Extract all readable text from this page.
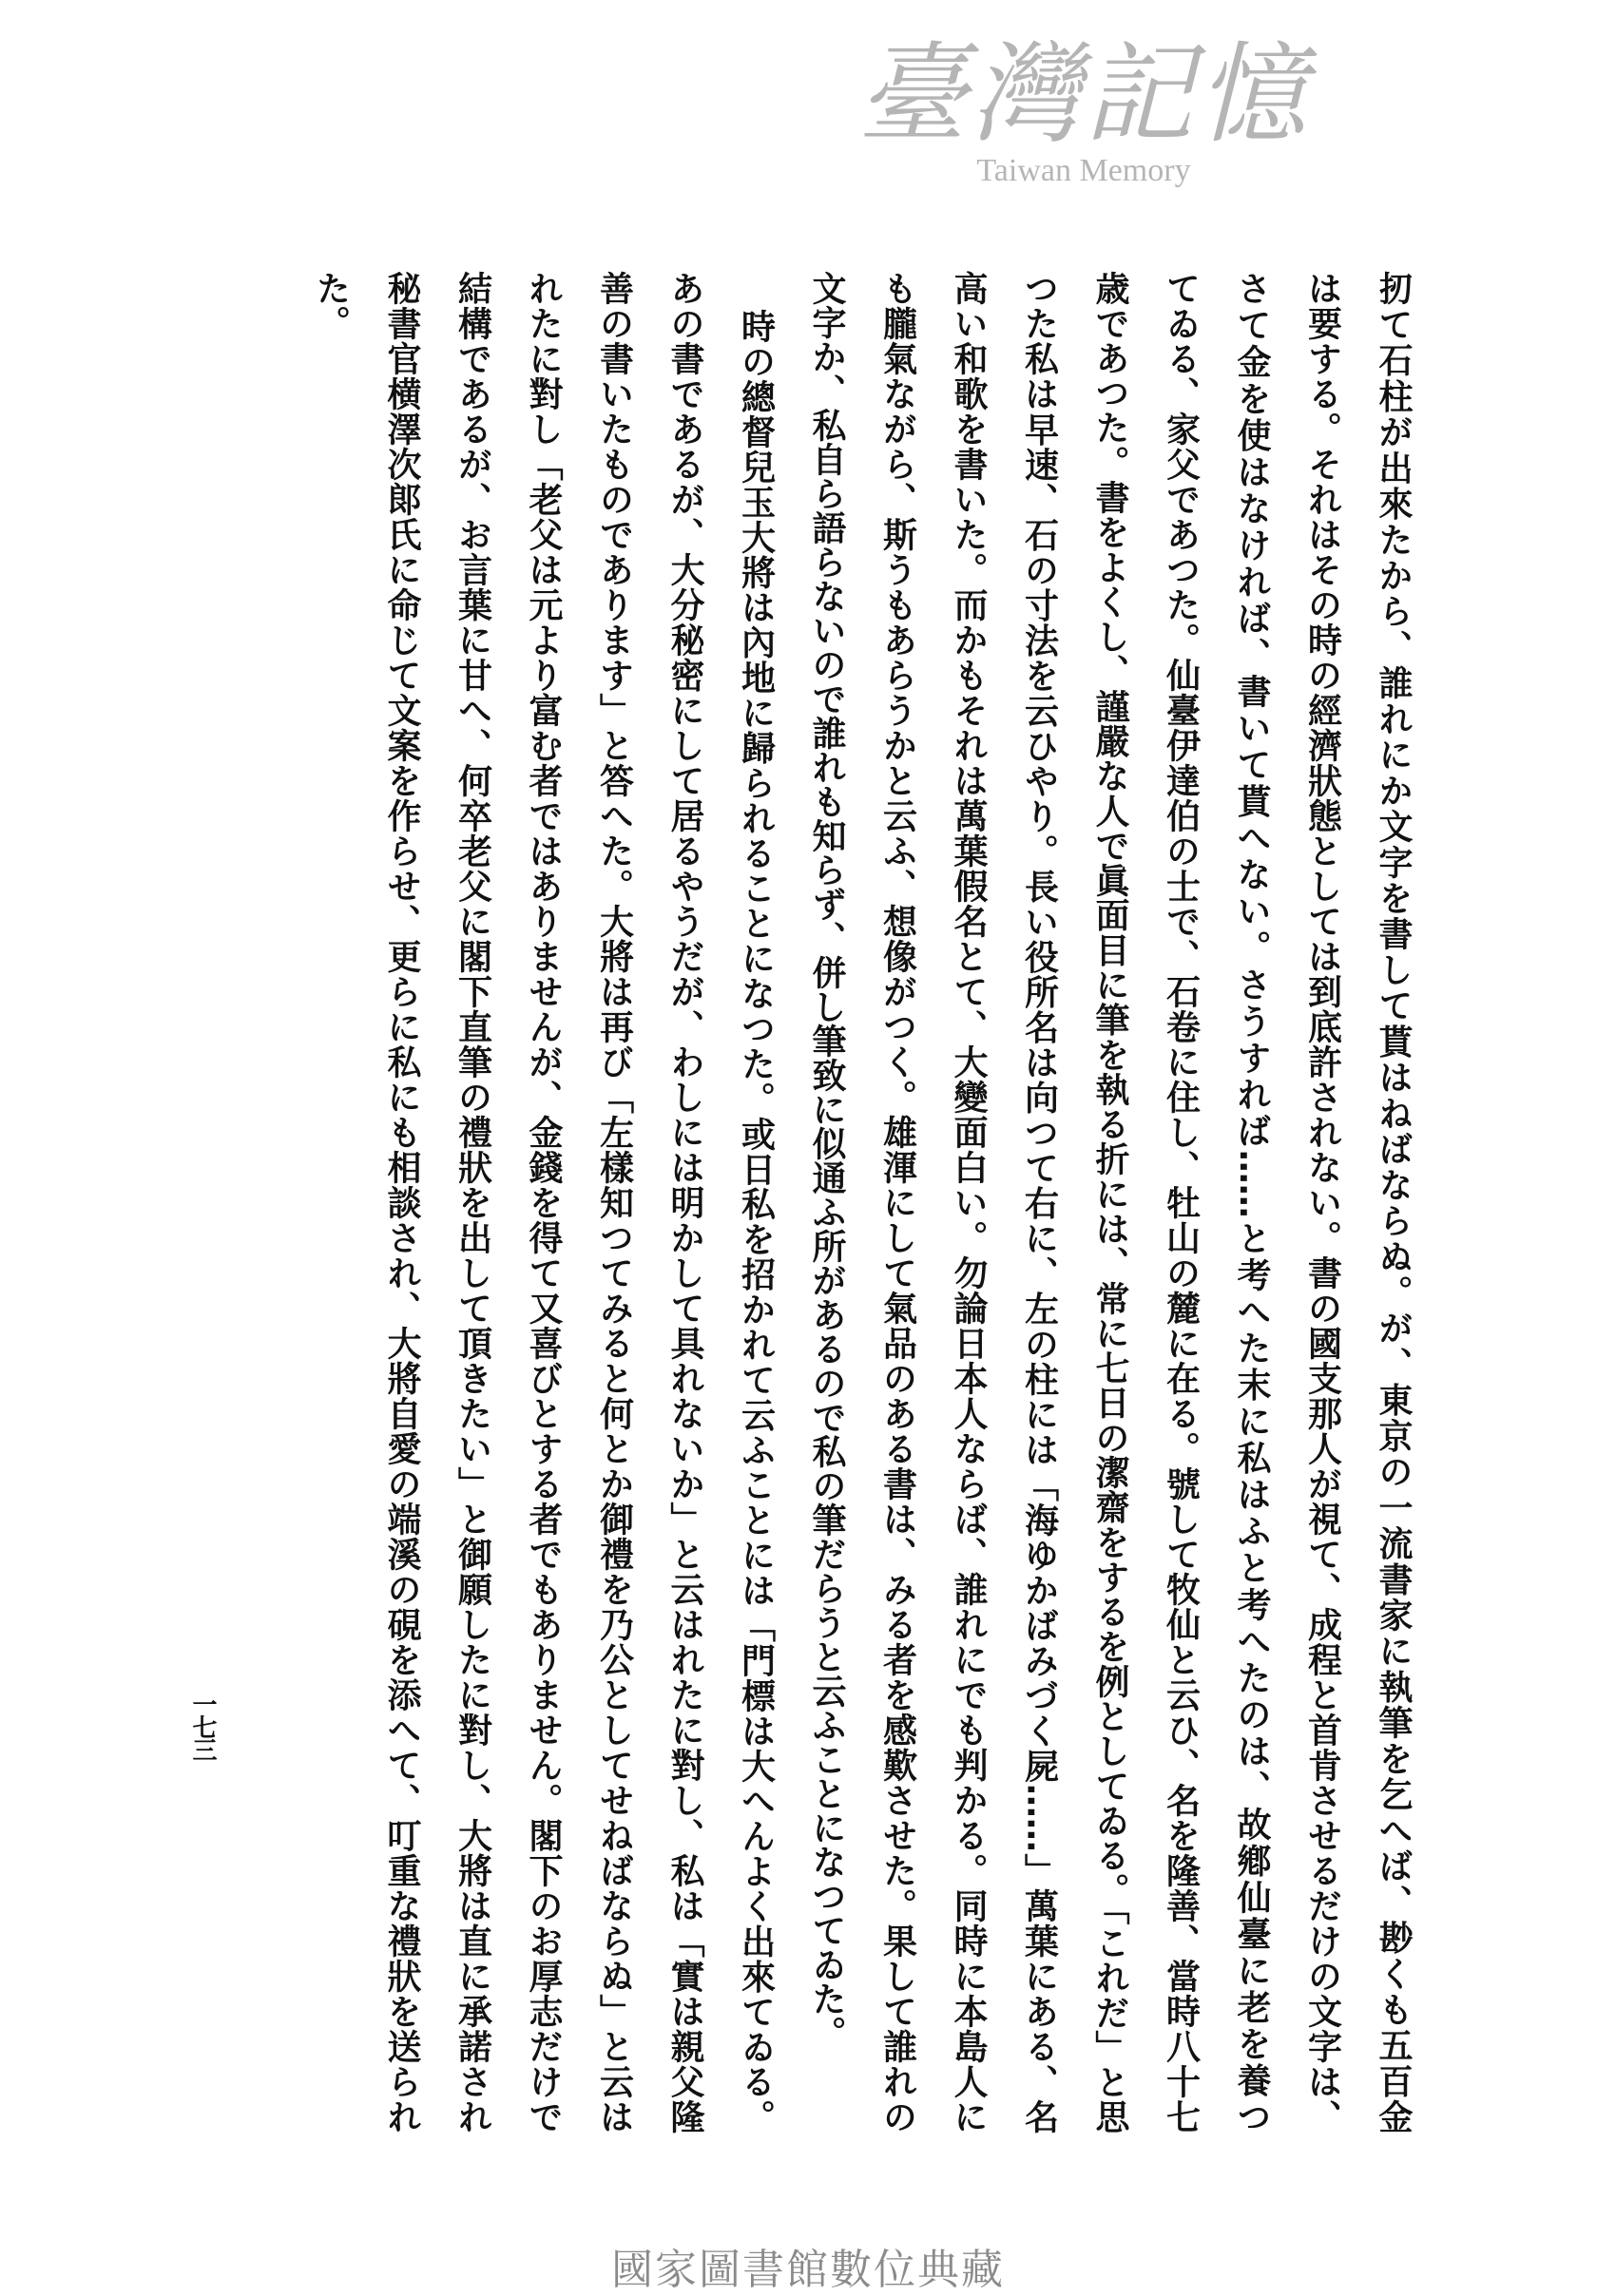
扨て石柱が出來たから、誰れにか文字を書して貰はねばならぬ。が、東京の一流書家に執筆を乞へば、尠くも五百金
は要する。それはその時の經濟狀態としては到底許されない。書の國支那人が視て、成程と首肯させるだけの文字は、
さて金を使はなければ、書いて貰へない。さうすれば……と考へた末に私はふと考へたのは、故鄕仙臺に老を養つ
てゐる、家父であつた。仙臺伊達伯の士で、石卷に住し、牡山の麓に在る。號して牧仙と云ひ、名を隆善、當時八十七
歳であつた。書をよくし、謹嚴な人で眞面目に筆を執る折には、常に七日の潔齋をするを例としてゐる。「これだ」と思
つた私は早速、石の寸法を云ひやり。長い役所名は向つて右に、左の柱には「海ゆかばみづく屍……」萬葉にある、名
高い和歌を書いた。而かもそれは萬葉假名とて、大變面白い。勿論日本人ならば、誰れにでも判かる。同時に本島人に
も朧氣ながら、斯うもあらうかと云ふ、想像がつく。雄渾にして氣品のある書は、みる者を感歎させた。果して誰れの
文字か、私自ら語らないので誰れも知らず、併し筆致に似通ふ所があるので私の筆だらうと云ふことになつてゐた。
時の總督兒玉大將は內地に歸られることになつた。或日私を招かれて云ふことには「門標は大へんよく出來てゐる。
あの書であるが、大分秘密にして居るやうだが、わしには明かして具れないか」と云はれたに對し、私は「實は親父隆
善の書いたものであります」と答へた。大將は再び「左樣知つてみると何とか御禮を乃公としてせねばならぬ」と云は
れたに對し「老父は元より富む者ではありませんが、金錢を得て又喜びとする者でもありません。閣下のお厚志だけで
結構であるが、お言葉に甘へ、何卒老父に閣下直筆の禮狀を出して頂きたい」と御願したに對し、大將は直に承諾され
秘書官横澤次郞氏に命じて文案を作らせ、更らに私にも相談され、大將自愛の端溪の硯を添へて、叮重な禮狀を送られ
た。
一七三
臺灣記憶
Taiwan Memory
國家圖書館數位典藏
